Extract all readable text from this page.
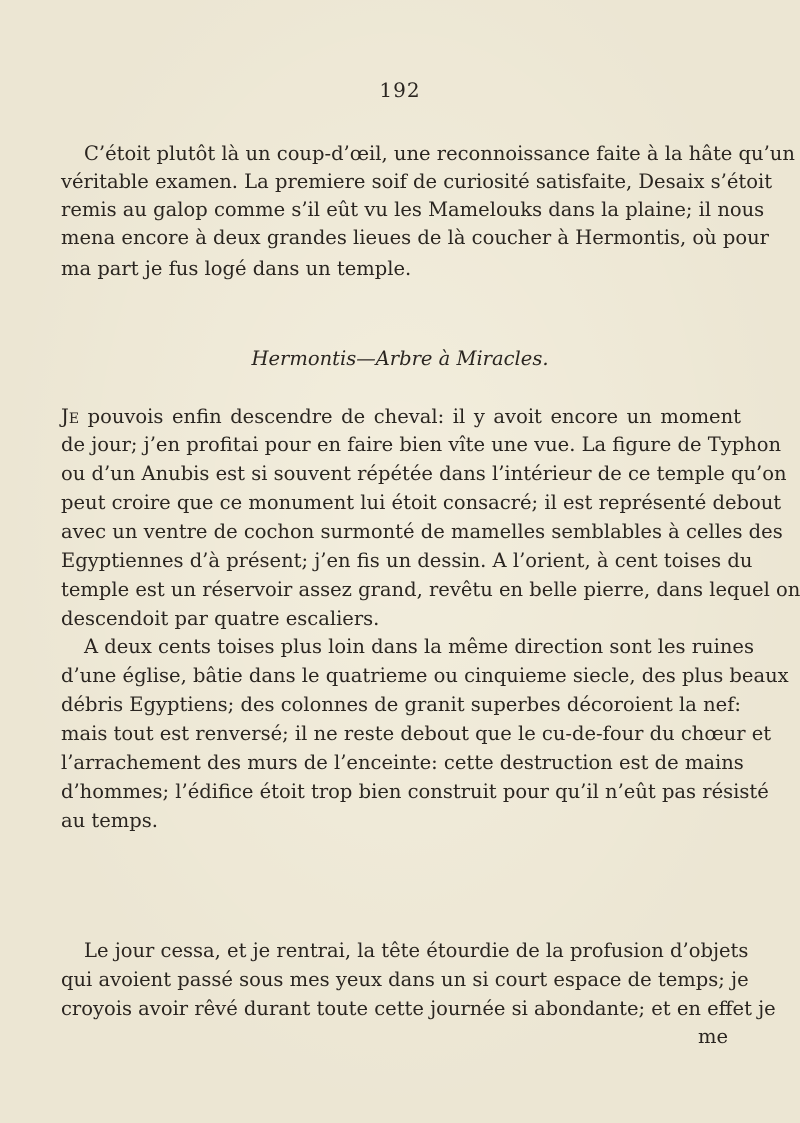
192
C’étoit plutôt là un coup-d’œil, une reconnoissance faite à la hâte qu’un
véritable examen. La premiere soif de curiosité satisfaite, Desaix s’étoit
remis au galop comme s’il eût vu les Mamelouks dans la plaine; il nous
mena encore à deux grandes lieues de là coucher à Hermontis, où pour
ma part je fus logé dans un temple.
Hermontis—Arbre à Miracles.
Je pouvois enfin descendre de cheval: il y avoit encore un moment
de jour; j’en profitai pour en faire bien vîte une vue. La figure de Typhon
ou d’un Anubis est si souvent répétée dans l’intérieur de ce temple qu’on
peut croire que ce monument lui étoit consacré; il est représenté debout
avec un ventre de cochon surmonté de mamelles semblables à celles des
Egyptiennes d’à présent; j’en fis un dessin. A l’orient, à cent toises du
temple est un réservoir assez grand, revêtu en belle pierre, dans lequel on
descendoit par quatre escaliers.
A deux cents toises plus loin dans la même direction sont les ruines
d’une église, bâtie dans le quatrieme ou cinquieme siecle, des plus beaux
débris Egyptiens; des colonnes de granit superbes décoroient la nef:
mais tout est renversé; il ne reste debout que le cu-de-four du chœur et
l’arrachement des murs de l’enceinte: cette destruction est de mains
d’hommes; l’édifice étoit trop bien construit pour qu’il n’eût pas résisté
au temps.
Le jour cessa, et je rentrai, la tête étourdie de la profusion d’objets
qui avoient passé sous mes yeux dans un si court espace de temps; je
croyois avoir rêvé durant toute cette journée si abondante; et en effet je
me
